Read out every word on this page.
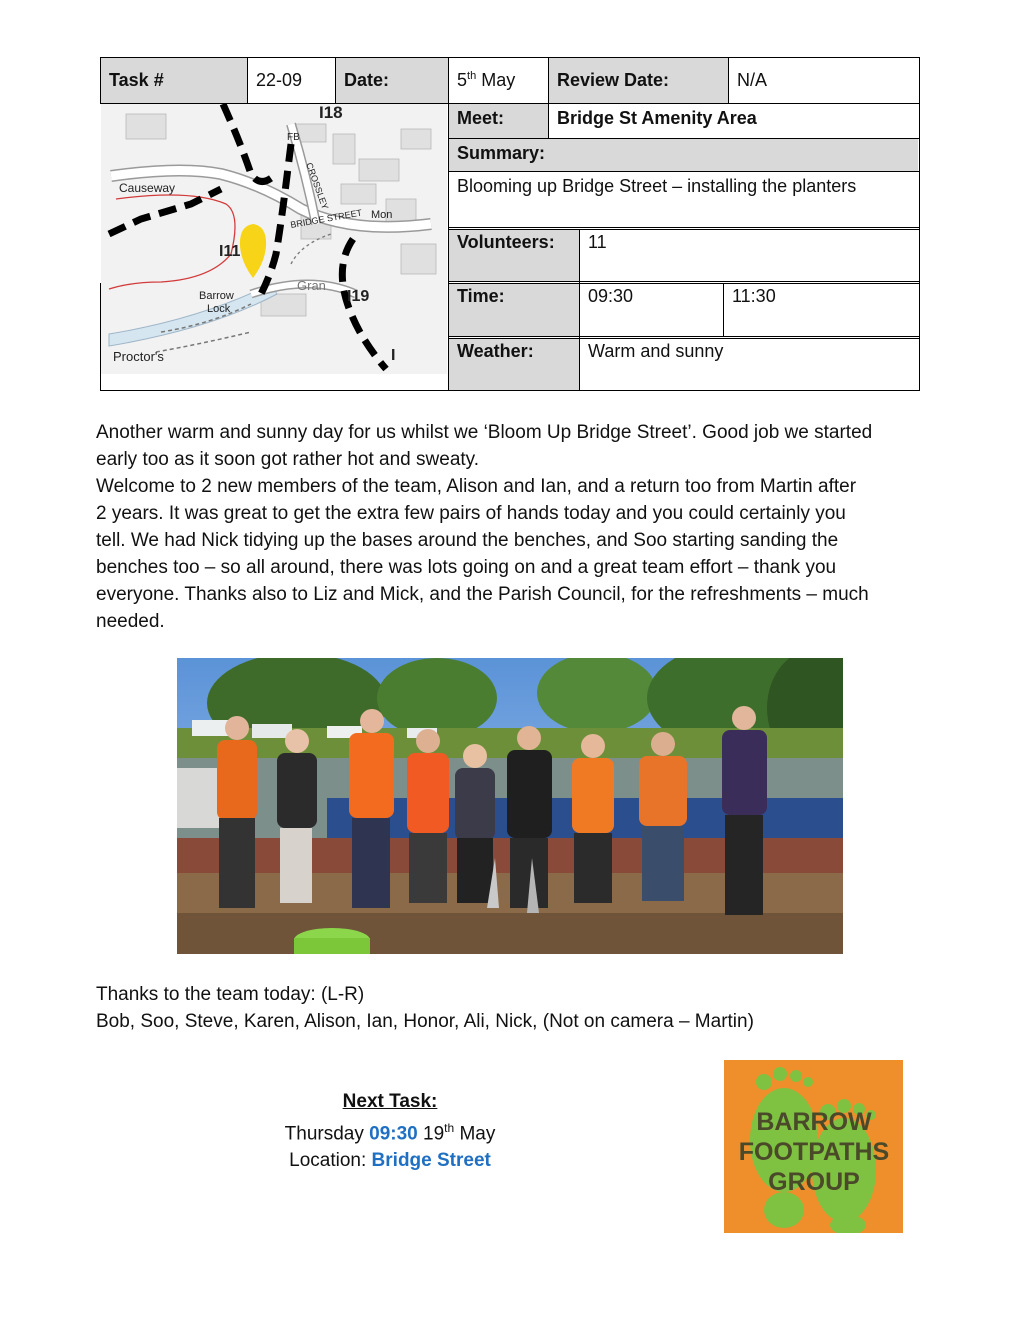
Task #	22-09	Date:	5th May	Review Date:	N/A
Meet:	Bridge St Amenity Area
Summary:
Blooming up Bridge Street – installing the planters
Volunteers:	11
Time:	09:30	11:30
Weather:	Warm and sunny
I18
FB
Causeway	CROSSLEY
BRIDGE STREET Mon
I11
I19
Barrow
Lock
Gran
Proctor's	I
Another warm and sunny day for us whilst we ‘Bloom Up Bridge Street’. Good job we started
early too as it soon got rather hot and sweaty.
Welcome to 2 new members of the team, Alison and Ian, and a return too from Martin after
2 years. It was great to get the extra few pairs of hands today and you could certainly you
tell. We had Nick tidying up the bases around the benches, and Soo starting sanding the
benches too – so all around, there was lots going on and a great team effort – thank you
everyone. Thanks also to Liz and Mick, and the Parish Council, for the refreshments – much
needed.
Thanks to the team today: (L-R)
Bob, Soo, Steve, Karen, Alison, Ian, Honor, Ali, Nick, (Not on camera – Martin)
Next Task:
Thursday 09:30 19th May
Location: Bridge Street
BARROW
FOOTPATHS
GROUP
